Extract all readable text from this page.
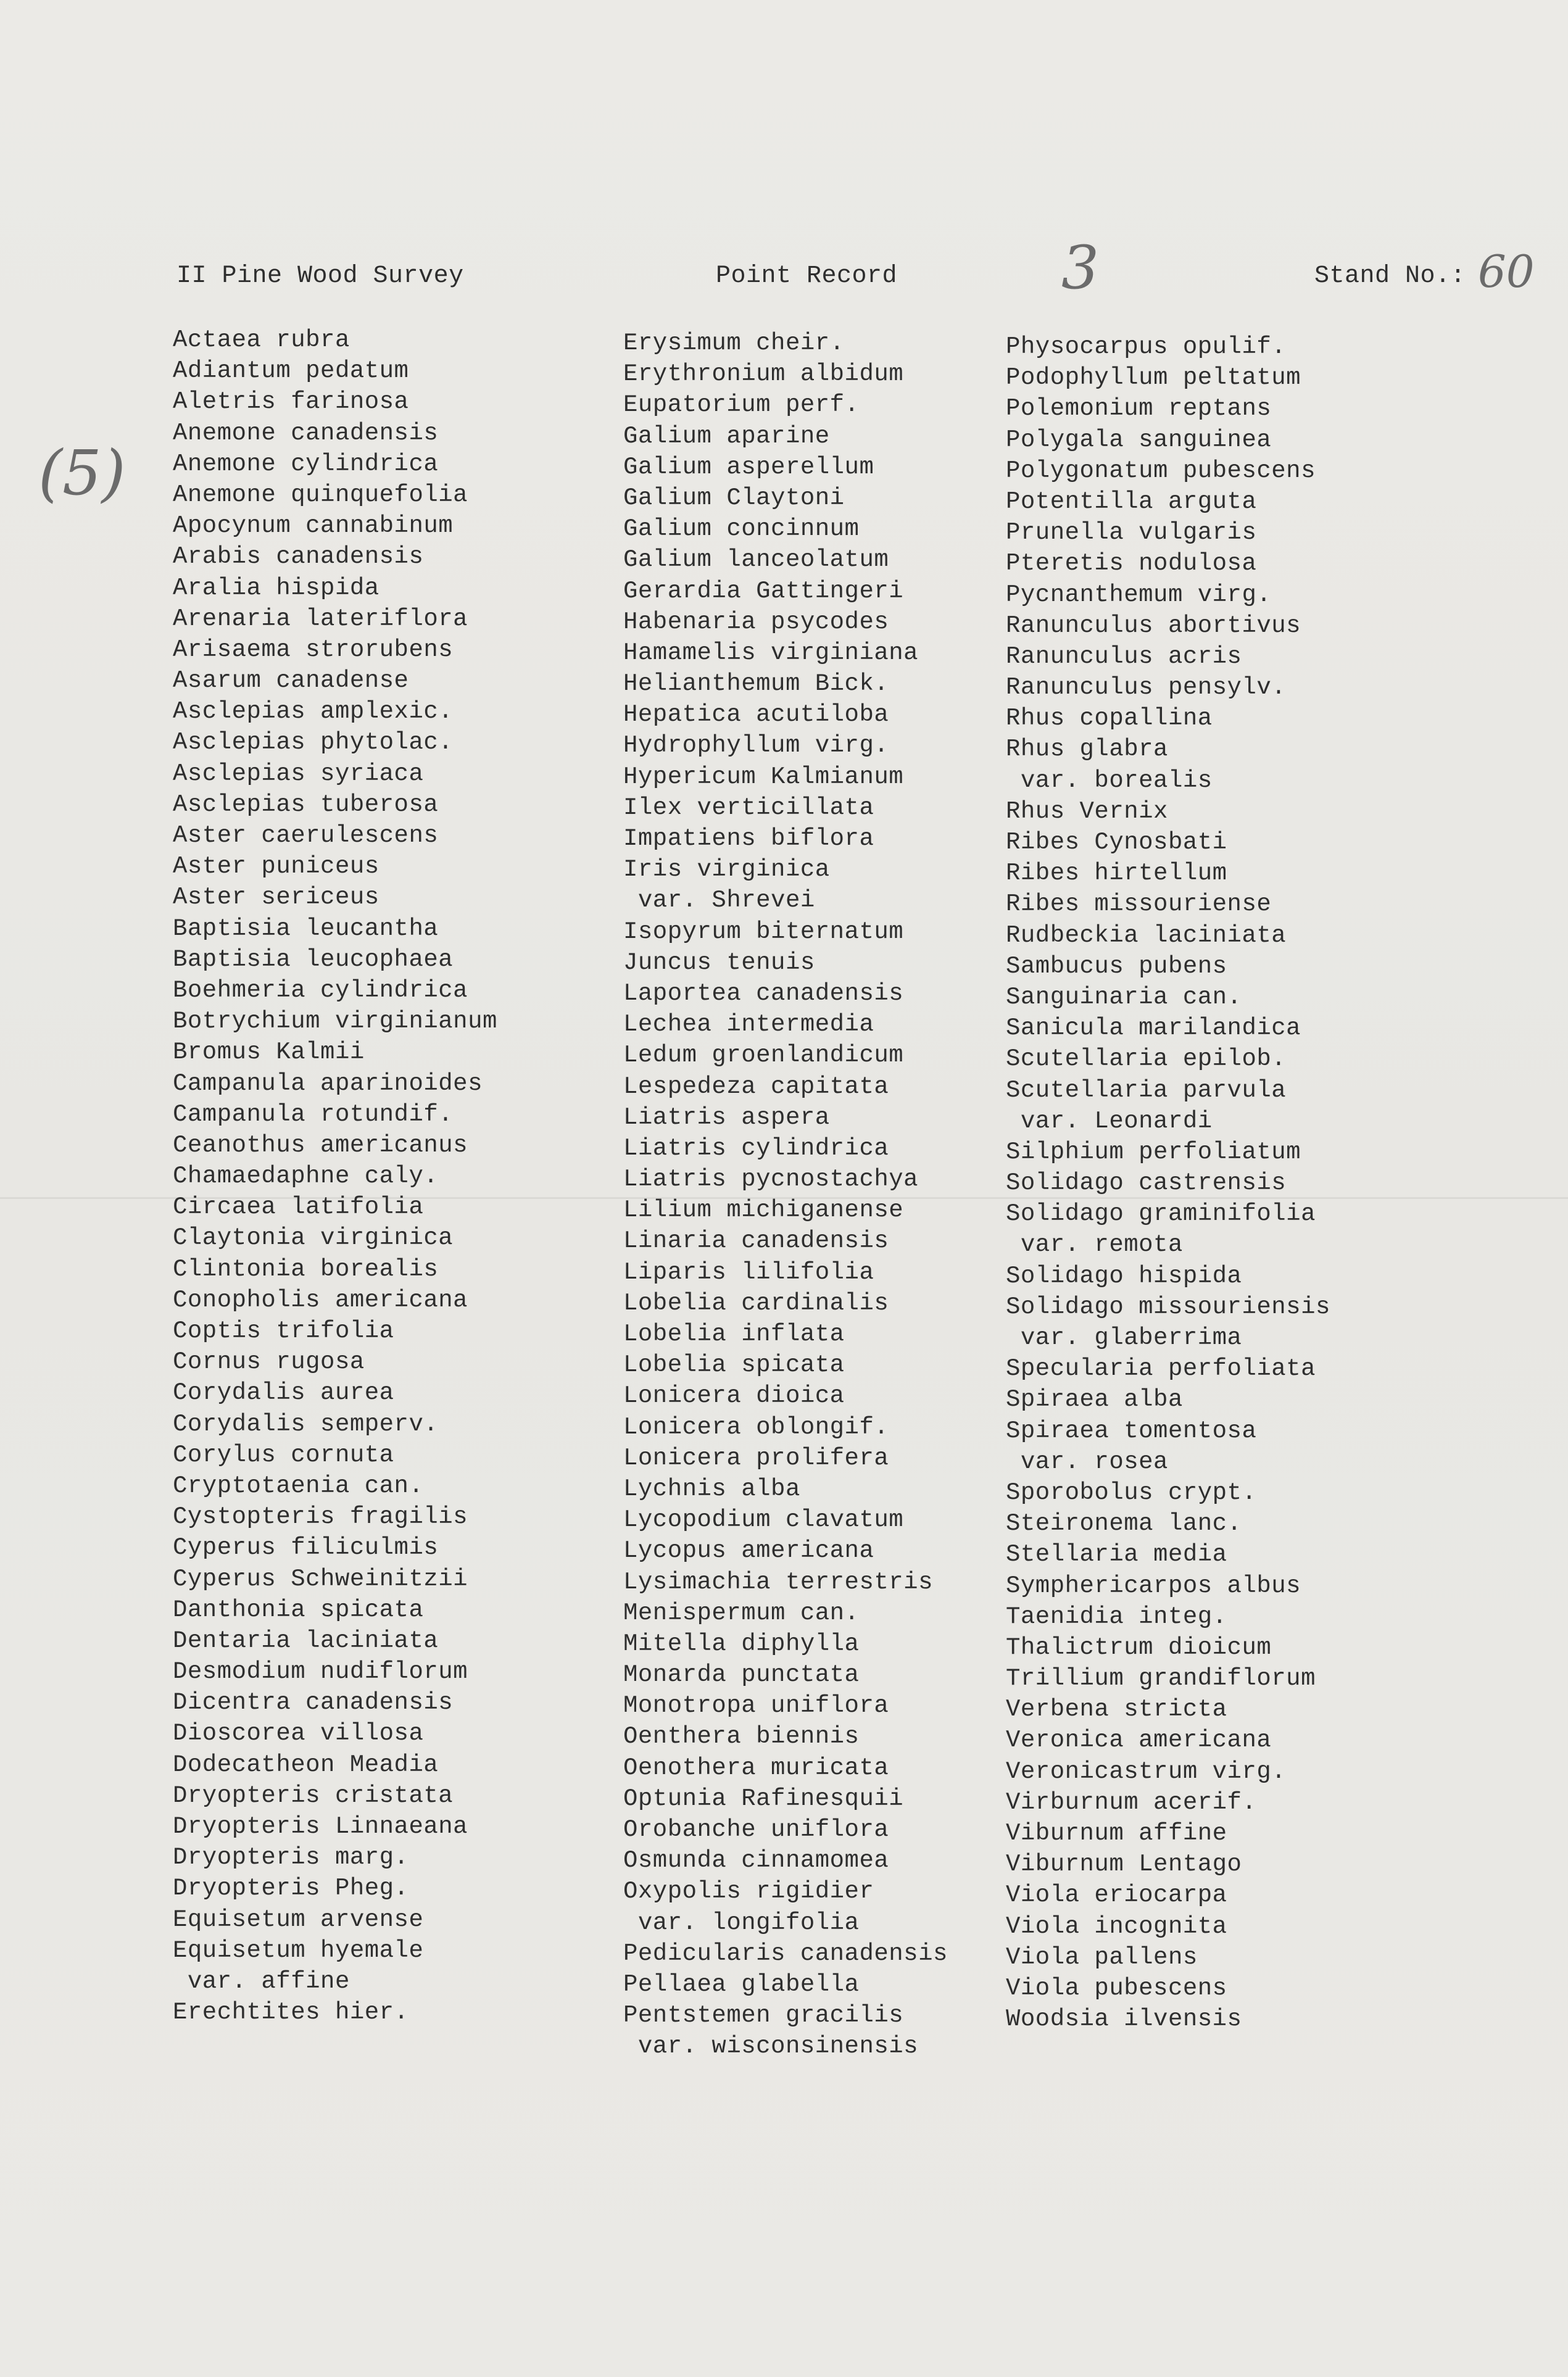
II Pine Wood Survey	Point Record	3	Stand No.: 60
(5)
Actaea rubra
Adiantum pedatum
Aletris farinosa
Anemone canadensis
Anemone cylindrica
Anemone quinquefolia
Apocynum cannabinum
Arabis canadensis
Aralia hispida
Arenaria lateriflora
Arisaema strorubens
Asarum canadense
Asclepias amplexic.
Asclepias phytolac.
Asclepias syriaca
Asclepias tuberosa
Aster caerulescens
Aster puniceus
Aster sericeus
Baptisia leucantha
Baptisia leucophaea
Boehmeria cylindrica
Botrychium virginianum
Bromus Kalmii
Campanula aparinoides
Campanula rotundif.
Ceanothus americanus
Chamaedaphne caly.
Circaea latifolia
Claytonia virginica
Clintonia borealis
Conopholis americana
Coptis trifolia
Cornus rugosa
Corydalis aurea
Corydalis semperv.
Corylus cornuta
Cryptotaenia can.
Cystopteris fragilis
Cyperus filiculmis
Cyperus Schweinitzii
Danthonia spicata
Dentaria laciniata
Desmodium nudiflorum
Dicentra canadensis
Dioscorea villosa
Dodecatheon Meadia
Dryopteris cristata
Dryopteris Linnaeana
Dryopteris marg.
Dryopteris Pheg.
Equisetum arvense
Equisetum hyemale
var. affine
Erechtites hier.
Erysimum cheir.
Erythronium albidum
Eupatorium perf.
Galium aparine
Galium asperellum
Galium Claytoni
Galium concinnum
Galium lanceolatum
Gerardia Gattingeri
Habenaria psycodes
Hamamelis virginiana
Helianthemum Bick.
Hepatica acutiloba
Hydrophyllum virg.
Hypericum Kalmianum
Ilex verticillata
Impatiens biflora
Iris virginica
var. Shrevei
Isopyrum biternatum
Juncus tenuis
Laportea canadensis
Lechea intermedia
Ledum groenlandicum
Lespedeza capitata
Liatris aspera
Liatris cylindrica
Liatris pycnostachya
Lilium michiganense
Linaria canadensis
Liparis lilifolia
Lobelia cardinalis
Lobelia inflata
Lobelia spicata
Lonicera dioica
Lonicera oblongif.
Lonicera prolifera
Lychnis alba
Lycopodium clavatum
Lycopus americana
Lysimachia terrestris
Menispermum can.
Mitella diphylla
Monarda punctata
Monotropa uniflora
Oenthera biennis
Oenothera muricata
Optunia Rafinesquii
Orobanche uniflora
Osmunda cinnamomea
Oxypolis rigidier
var. longifolia
Pedicularis canadensis
Pellaea glabella
Pentstemen gracilis
var. wisconsinensis
Physocarpus opulif.
Podophyllum peltatum
Polemonium reptans
Polygala sanguinea
Polygonatum pubescens
Potentilla arguta
Prunella vulgaris
Pteretis nodulosa
Pycnanthemum virg.
Ranunculus abortivus
Ranunculus acris
Ranunculus pensylv.
Rhus copallina
Rhus glabra
var. borealis
Rhus Vernix
Ribes Cynosbati
Ribes hirtellum
Ribes missouriense
Rudbeckia laciniata
Sambucus pubens
Sanguinaria can.
Sanicula marilandica
Scutellaria epilob.
Scutellaria parvula
var. Leonardi
Silphium perfoliatum
Solidago castrensis
Solidago graminifolia
var. remota
Solidago hispida
Solidago missouriensis
var. glaberrima
Specularia perfoliata
Spiraea alba
Spiraea tomentosa
var. rosea
Sporobolus crypt.
Steironema lanc.
Stellaria media
Symphericarpos albus
Taenidia integ.
Thalictrum dioicum
Trillium grandiflorum
Verbena stricta
Veronica americana
Veronicastrum virg.
Virburnum acerif.
Viburnum affine
Viburnum Lentago
Viola eriocarpa
Viola incognita
Viola pallens
Viola pubescens
Woodsia ilvensis
